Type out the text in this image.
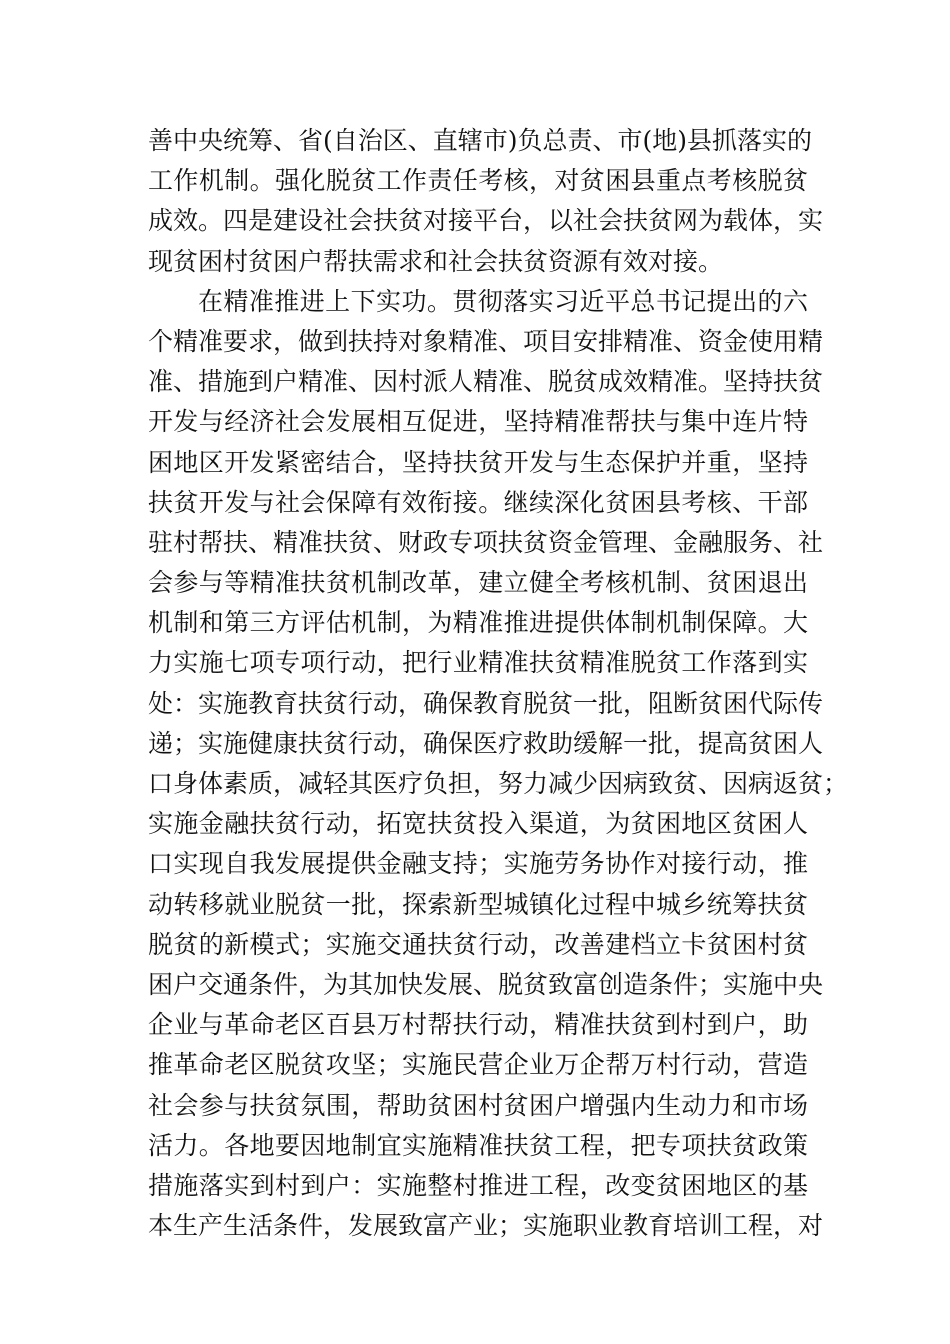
善中央统筹、省(自治区、直辖市)负总责、市(地)县抓落实的
工作机制。强化脱贫工作责任考核，对贫困县重点考核脱贫
成效。四是建设社会扶贫对接平台，以社会扶贫网为载体，实
现贫困村贫困户帮扶需求和社会扶贫资源有效对接。
在精准推进上下实功。贯彻落实习近平总书记提出的六
个精准要求，做到扶持对象精准、项目安排精准、资金使用精
准、措施到户精准、因村派人精准、脱贫成效精准。坚持扶贫
开发与经济社会发展相互促进，坚持精准帮扶与集中连片特
困地区开发紧密结合，坚持扶贫开发与生态保护并重，坚持
扶贫开发与社会保障有效衔接。继续深化贫困县考核、干部
驻村帮扶、精准扶贫、财政专项扶贫资金管理、金融服务、社
会参与等精准扶贫机制改革，建立健全考核机制、贫困退出
机制和第三方评估机制，为精准推进提供体制机制保障。大
力实施七项专项行动，把行业精准扶贫精准脱贫工作落到实
处：实施教育扶贫行动，确保教育脱贫一批，阻断贫困代际传
递；实施健康扶贫行动，确保医疗救助缓解一批，提高贫困人
口身体素质，减轻其医疗负担，努力减少因病致贫、因病返贫；
实施金融扶贫行动，拓宽扶贫投入渠道，为贫困地区贫困人
口实现自我发展提供金融支持；实施劳务协作对接行动，推
动转移就业脱贫一批，探索新型城镇化过程中城乡统筹扶贫
脱贫的新模式；实施交通扶贫行动，改善建档立卡贫困村贫
困户交通条件，为其加快发展、脱贫致富创造条件；实施中央
企业与革命老区百县万村帮扶行动，精准扶贫到村到户，助
推革命老区脱贫攻坚；实施民营企业万企帮万村行动，营造
社会参与扶贫氛围，帮助贫困村贫困户增强内生动力和市场
活力。各地要因地制宜实施精准扶贫工程，把专项扶贫政策
措施落实到村到户：实施整村推进工程，改变贫困地区的基
本生产生活条件，发展致富产业；实施职业教育培训工程，对
